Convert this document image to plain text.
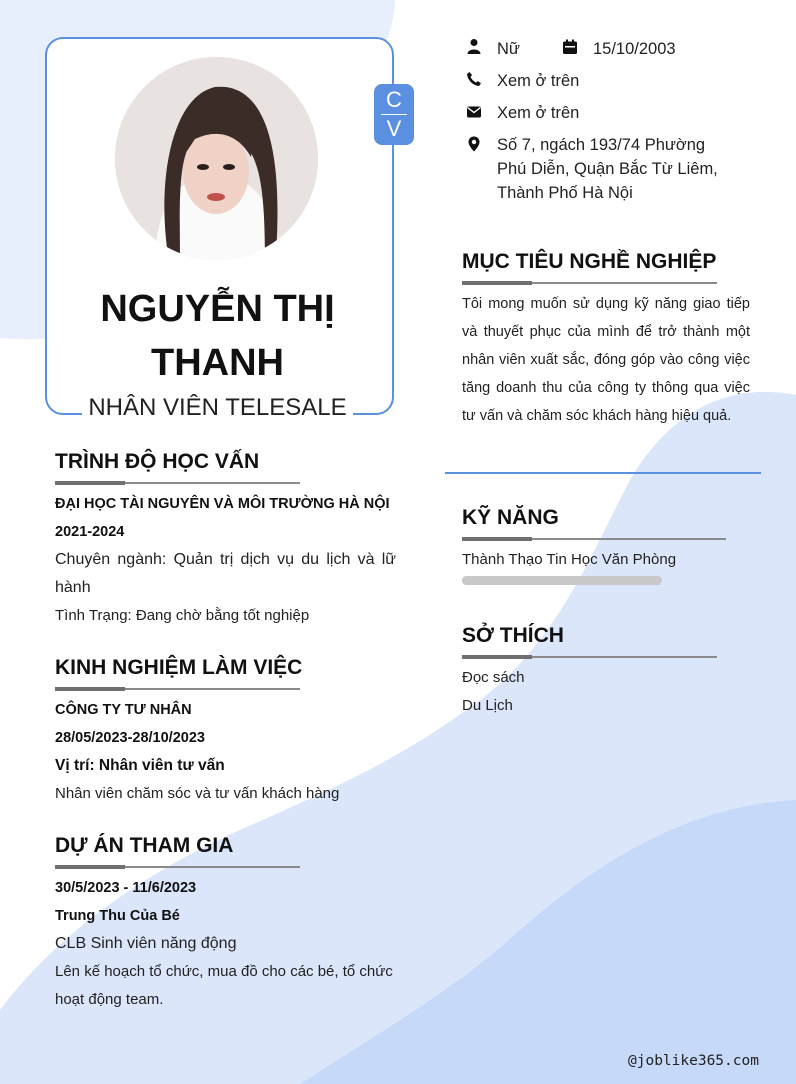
C
V
NGUYỄN THỊ
THANH
NHÂN VIÊN TELESALE
Nữ	15/10/2003
Xem ở trên
Xem ở trên
Số 7, ngách 193/74 Phường
Phú Diễn, Quận Bắc Từ Liêm,
Thành Phố Hà Nội
MỤC TIÊU NGHỀ NGHIỆP
Tôi mong muốn sử dụng kỹ năng giao tiếp và thuyết phục của mình để trở thành một nhân viên xuất sắc, đóng góp vào công việc tăng doanh thu của công ty thông qua việc tư vấn và chăm sóc khách hàng hiệu quả.
KỸ NĂNG
Thành Thạo Tin Học Văn Phòng
SỞ THÍCH
Đọc sách
Du Lịch
TRÌNH ĐỘ HỌC VẤN
ĐẠI HỌC TÀI NGUYÊN VÀ MÔI TRƯỜNG HÀ NỘI
2021-2024
Chuyên ngành: Quản trị dịch vụ du lịch và lữ
hành
Tình Trạng: Đang chờ bằng tốt nghiệp
KINH NGHIỆM LÀM VIỆC
CÔNG TY TƯ NHÂN
28/05/2023-28/10/2023
Vị trí: Nhân viên tư vấn
Nhân viên chăm sóc và tư vấn khách hàng
DỰ ÁN THAM GIA
30/5/2023 - 11/6/2023
Trung Thu Của Bé
CLB Sinh viên năng động
Lên kế hoạch tổ chức, mua đồ cho các bé, tổ chức
hoạt động team.
@joblike365.com
